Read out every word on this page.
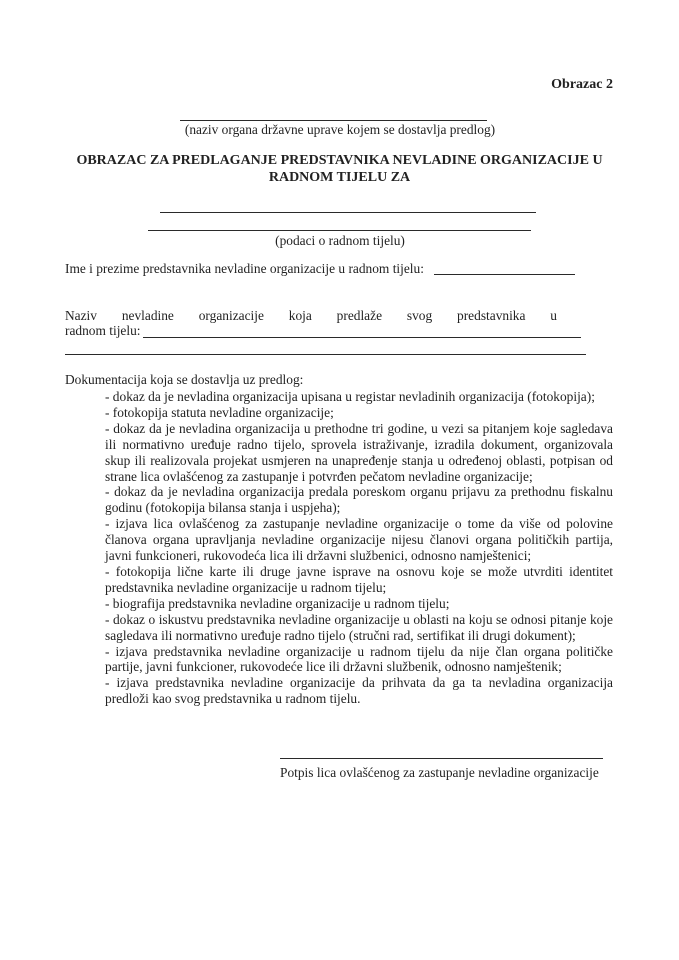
Obrazac 2
(naziv organa državne uprave kojem se dostavlja predlog)
OBRAZAC ZA PREDLAGANJE PREDSTAVNIKA NEVLADINE ORGANIZACIJE U
RADNOM TIJELU ZA
(podaci o radnom tijelu)
Ime i prezime predstavnika nevladine organizacije u radnom tijelu:
Naziv nevladine organizacije koja predlaže svog predstavnika u
radnom tijelu:
Dokumentacija koja se dostavlja uz predlog:
- dokaz da je nevladina organizacija upisana u registar nevladinih organizacija (fotokopija);
- fotokopija statuta nevladine organizacije;
- dokaz da je nevladina organizacija u prethodne tri godine, u vezi sa pitanjem koje sagledava ili normativno uređuje radno tijelo, sprovela istraživanje, izradila dokument, organizovala skup ili realizovala projekat usmjeren na unapređenje stanja u određenoj oblasti, potpisan od strane lica ovlašćenog za zastupanje i potvrđen pečatom nevladine organizacije;
- dokaz da je nevladina organizacija predala poreskom organu prijavu za prethodnu fiskalnu godinu (fotokopija bilansa stanja i uspjeha);
- izjava lica ovlašćenog za zastupanje nevladine organizacije o tome da više od polovine članova organa upravljanja nevladine organizacije nijesu članovi organa političkih partija, javni funkcioneri, rukovodeća lica ili državni službenici, odnosno namještenici;
- fotokopija lične karte ili druge javne isprave na osnovu koje se može utvrditi identitet predstavnika nevladine organizacije u radnom tijelu;
- biografija predstavnika nevladine organizacije u radnom tijelu;
- dokaz o iskustvu predstavnika nevladine organizacije u oblasti na koju se odnosi pitanje koje sagledava ili normativno uređuje radno tijelo (stručni rad, sertifikat ili drugi dokument);
- izjava predstavnika nevladine organizacije u radnom tijelu da nije član organa političke partije, javni funkcioner, rukovodeće lice ili državni službenik, odnosno namještenik;
- izjava predstavnika nevladine organizacije da prihvata da ga ta nevladina organizacija predloži kao svog predstavnika u radnom tijelu.
Potpis lica ovlašćenog za zastupanje nevladine organizacije
